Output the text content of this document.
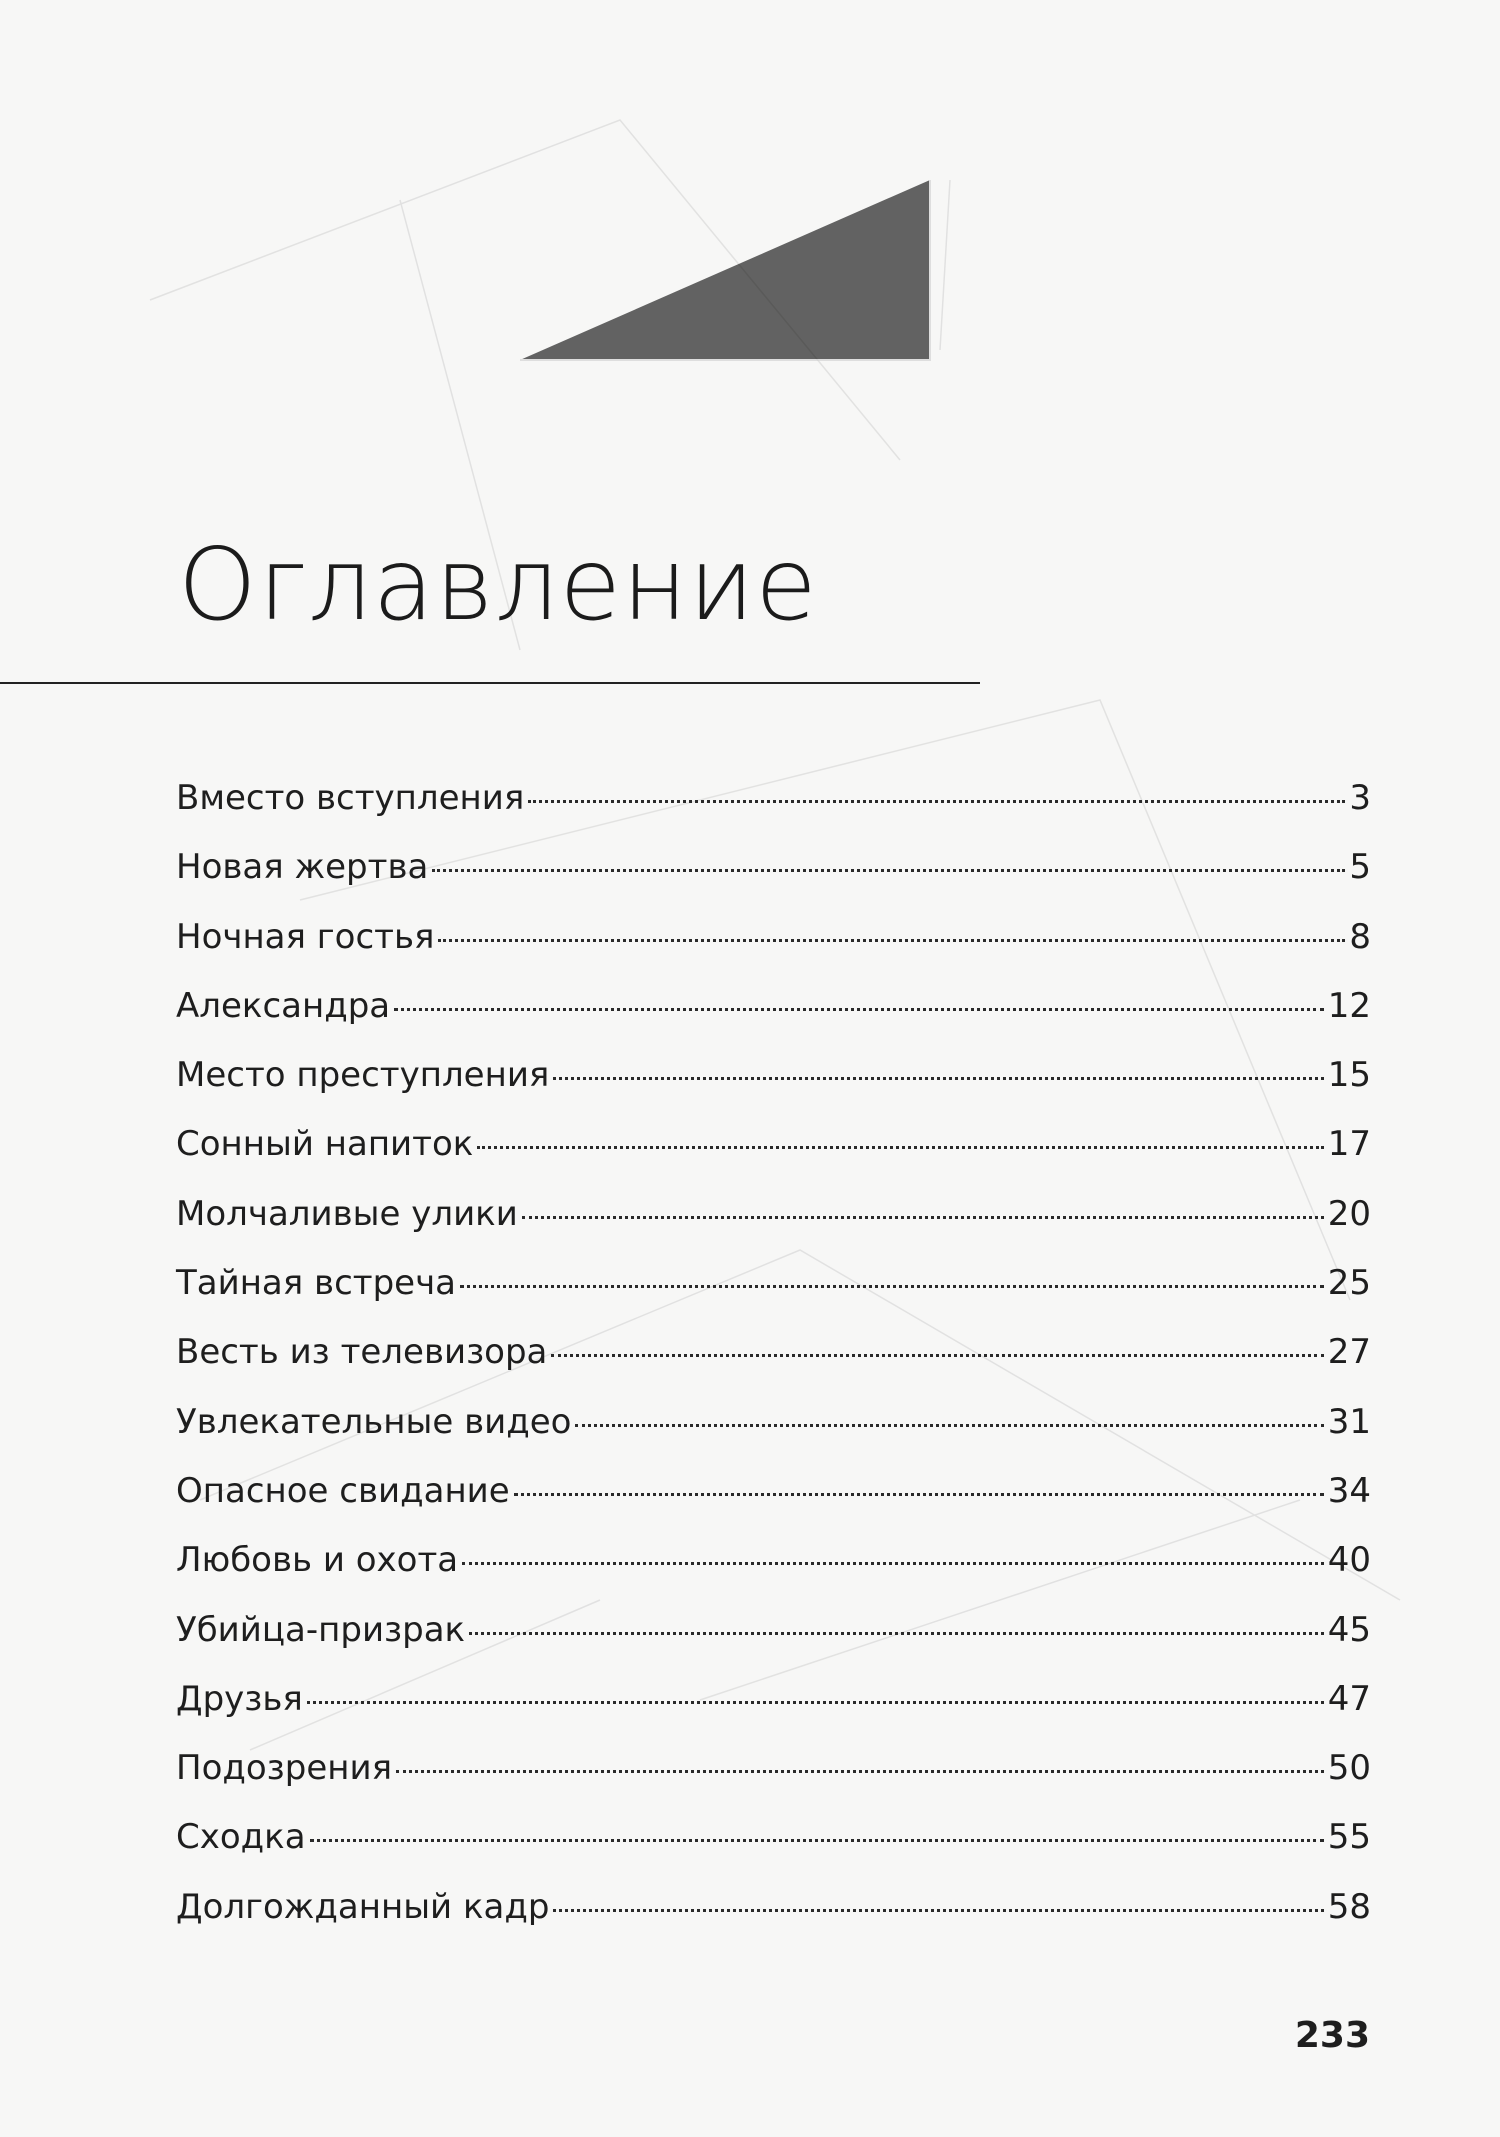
Оглавление
Вместо вступления	3
Новая жертва	5
Ночная гостья	8
Александра	12
Место преступления	15
Сонный напиток	17
Молчаливые улики	20
Тайная встреча	25
Весть из телевизора	27
Увлекательные видео	31
Опасное свидание	34
Любовь и охота	40
Убийца-призрак	45
Друзья	47
Подозрения	50
Сходка	55
Долгожданный кадр	58
233
